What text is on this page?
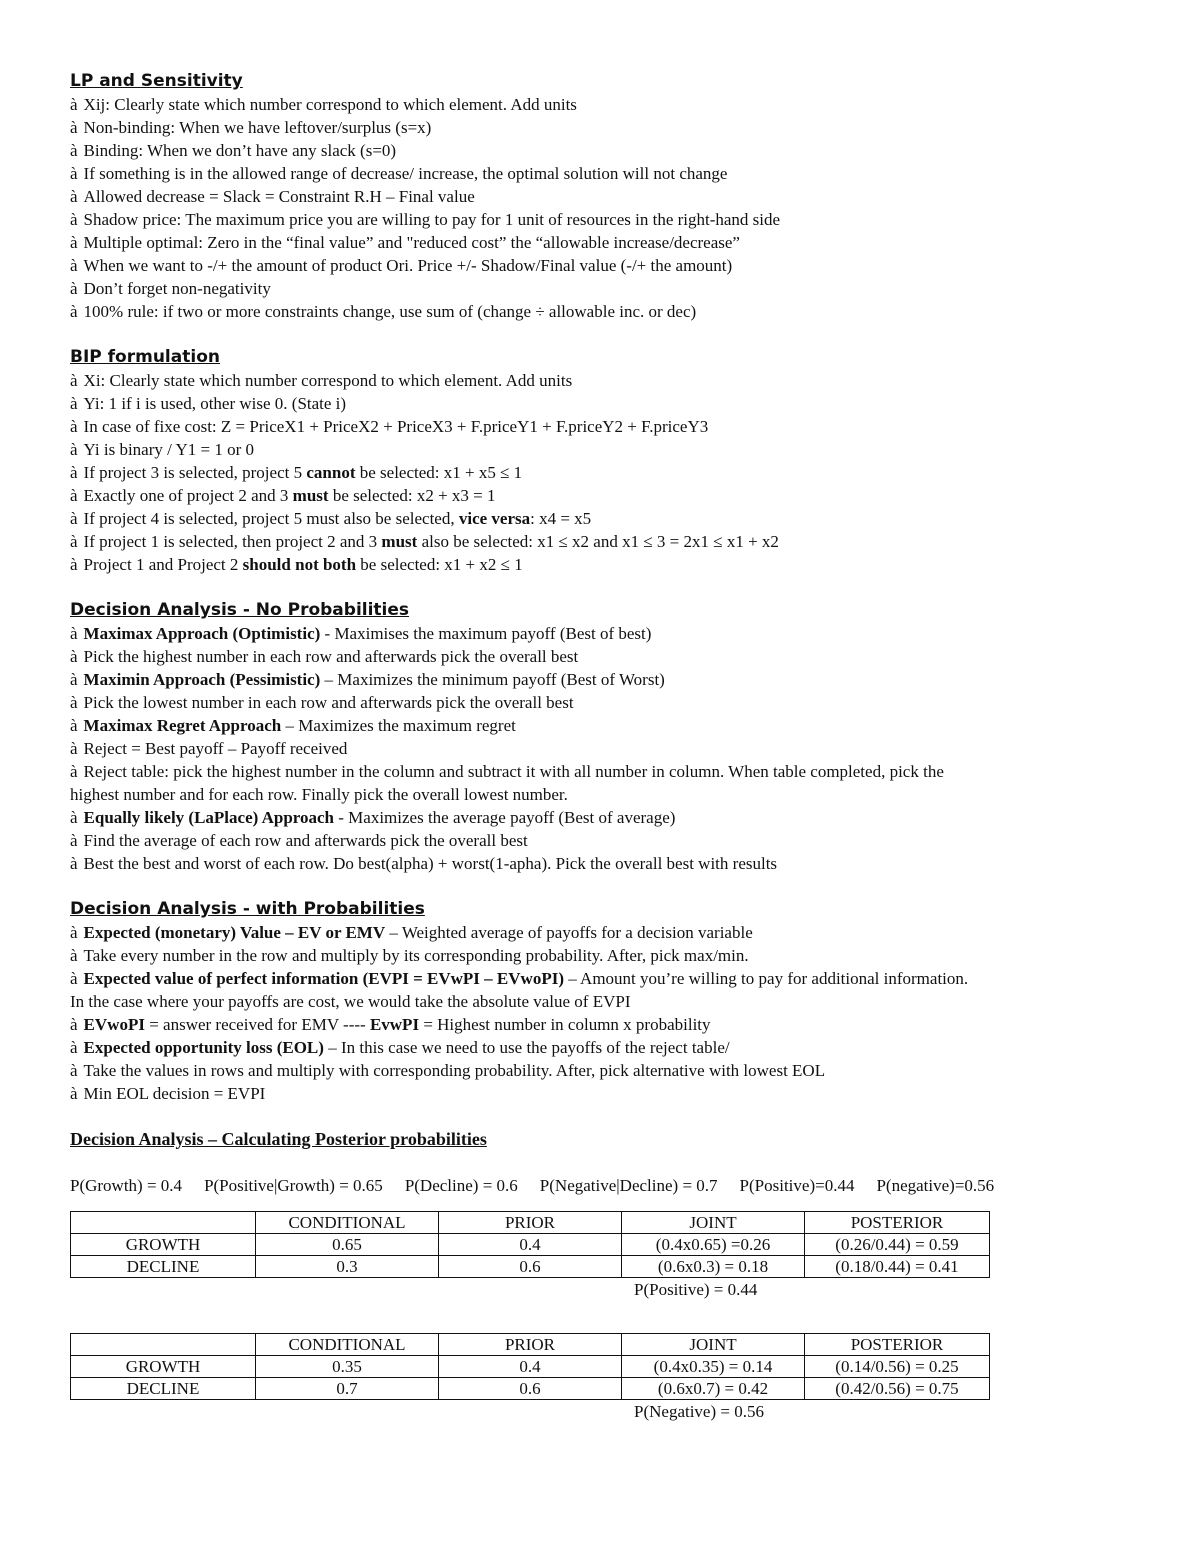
LP and Sensitivity
à Xij: Clearly state which number correspond to which element. Add units
à Non-binding: When we have leftover/surplus (s=x)
à Binding: When we don’t have any slack (s=0)
à If something is in the allowed range of decrease/ increase, the optimal solution will not change
à Allowed decrease = Slack = Constraint R.H – Final value
à Shadow price: The maximum price you are willing to pay for 1 unit of resources in the right-hand side
à Multiple optimal: Zero in the “final value” and "reduced cost” the “allowable increase/decrease”
à When we want to -/+ the amount of product Ori. Price +/- Shadow/Final value (-/+ the amount)
à Don’t forget non-negativity
à 100% rule: if two or more constraints change, use sum of (change ÷ allowable inc. or dec)
BIP formulation
à Xi: Clearly state which number correspond to which element. Add units
à Yi: 1 if i is used, other wise 0. (State i)
à In case of fixe cost: Z = PriceX1 + PriceX2 + PriceX3 + F.priceY1 + F.priceY2 + F.priceY3
à Yi is binary / Y1 = 1 or 0
à If project 3 is selected, project 5 cannot be selected: x1 + x5 ≤ 1
à Exactly one of project 2 and 3 must be selected: x2 + x3 = 1
à If project 4 is selected, project 5 must also be selected, vice versa: x4 = x5
à If project 1 is selected, then project 2 and 3 must also be selected: x1 ≤ x2 and x1 ≤ 3 = 2x1 ≤ x1 + x2
à Project 1 and Project 2 should not both be selected: x1 + x2 ≤ 1
Decision Analysis - No Probabilities
à Maximax Approach (Optimistic) - Maximises the maximum payoff (Best of best)
à Pick the highest number in each row and afterwards pick the overall best
à Maximin Approach (Pessimistic) – Maximizes the minimum payoff (Best of Worst)
à Pick the lowest number in each row and afterwards pick the overall best
à Maximax Regret Approach – Maximizes the maximum regret
à Reject = Best payoff – Payoff received
à Reject table: pick the highest number in the column and subtract it with all number in column. When table completed, pick the
highest number and for each row. Finally pick the overall lowest number.
à Equally likely (LaPlace) Approach - Maximizes the average payoff (Best of average)
à Find the average of each row and afterwards pick the overall best
à Best the best and worst of each row. Do best(alpha) + worst(1-apha). Pick the overall best with results
Decision Analysis - with Probabilities
à Expected (monetary) Value – EV or EMV – Weighted average of payoffs for a decision variable
à Take every number in the row and multiply by its corresponding probability. After, pick max/min.
à Expected value of perfect information (EVPI = EVwPI – EVwoPI) – Amount you’re willing to pay for additional information.
In the case where your payoffs are cost, we would take the absolute value of EVPI
à EVwoPI = answer received for EMV ---- EvwPI = Highest number in column x probability
à Expected opportunity loss (EOL) – In this case we need to use the payoffs of the reject table/
à Take the values in rows and multiply with corresponding probability. After, pick alternative with lowest EOL
à Min EOL decision = EVPI
Decision Analysis – Calculating Posterior probabilities
P(Growth) = 0.4 P(Positive|Growth) = 0.65 P(Decline) = 0.6 P(Negative|Decline) = 0.7 P(Positive)=0.44 P(negative)=0.56
	CONDITIONAL	PRIOR	JOINT	POSTERIOR
GROWTH	0.65	0.4	(0.4x0.65) =0.26	(0.26/0.44) = 0.59
DECLINE	0.3	0.6	(0.6x0.3) = 0.18	(0.18/0.44) = 0.41
P(Positive) = 0.44
	CONDITIONAL	PRIOR	JOINT	POSTERIOR
GROWTH	0.35	0.4	(0.4x0.35) = 0.14	(0.14/0.56) = 0.25
DECLINE	0.7	0.6	(0.6x0.7) = 0.42	(0.42/0.56) = 0.75
P(Negative) = 0.56
